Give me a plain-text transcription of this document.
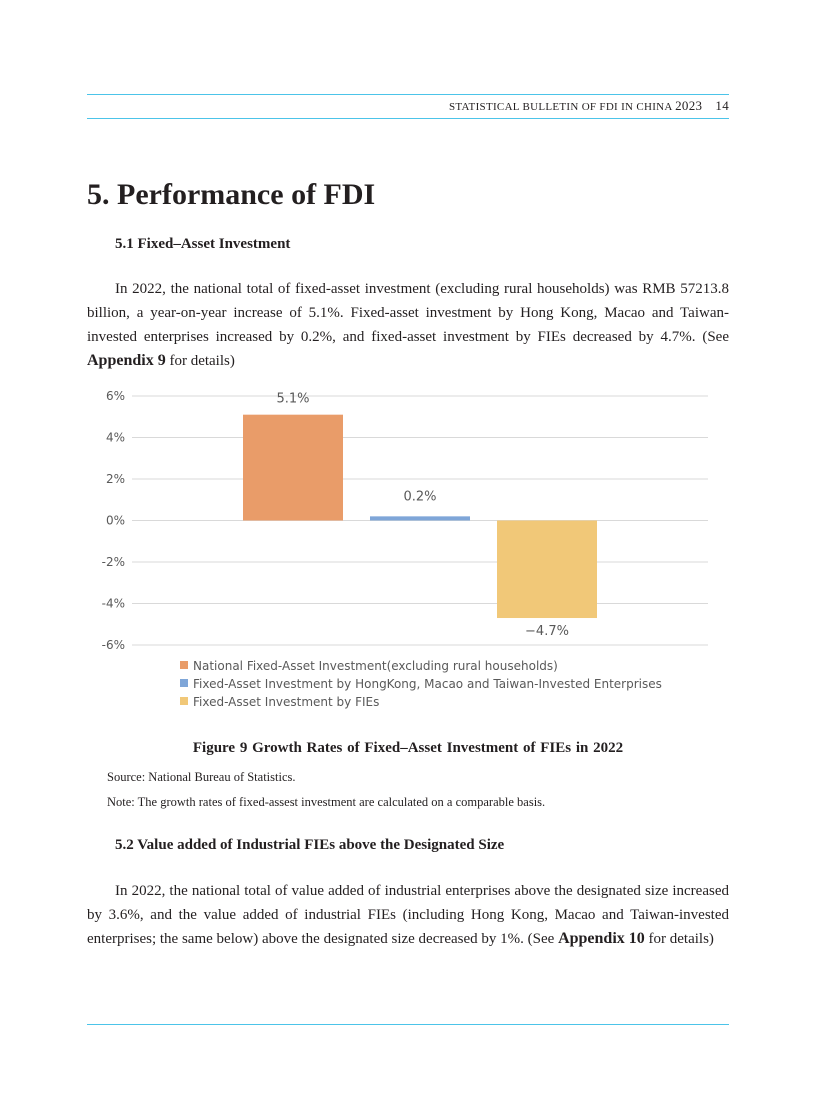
STATISTICAL BULLETIN OF FDI IN CHINA 2023 14
5. Performance of FDI
5.1 Fixed–Asset Investment

In 2022, the national total of fixed-asset investment (excluding rural households) was RMB 57213.8 billion, a year-on-year increase of 5.1%. Fixed-asset investment by Hong Kong, Macao and Taiwan-invested enterprises increased by 0.2%, and fixed-asset investment by FIEs decreased by 4.7%. (See Appendix 9 for details)

6%
4%
2%
0%
-2%
-4%
-6%
5.1%
0.2%
−4.7%
National Fixed-Asset Investment(excluding rural households)
Fixed-Asset Investment by HongKong, Macao and Taiwan-Invested Enterprises
Fixed-Asset Investment by FIEs
Figure 9 Growth Rates of Fixed–Asset Investment of FIEs in 2022
Source: National Bureau of Statistics.
Note: The growth rates of fixed-assest investment are calculated on a comparable basis.
5.2 Value added of Industrial FIEs above the Designated Size

In 2022, the national total of value added of industrial enterprises above the designated size increased by 3.6%, and the value added of industrial FIEs (including Hong Kong, Macao and Taiwan-invested enterprises; the same below) above the designated size decreased by 1%. (See Appendix 10 for details)
